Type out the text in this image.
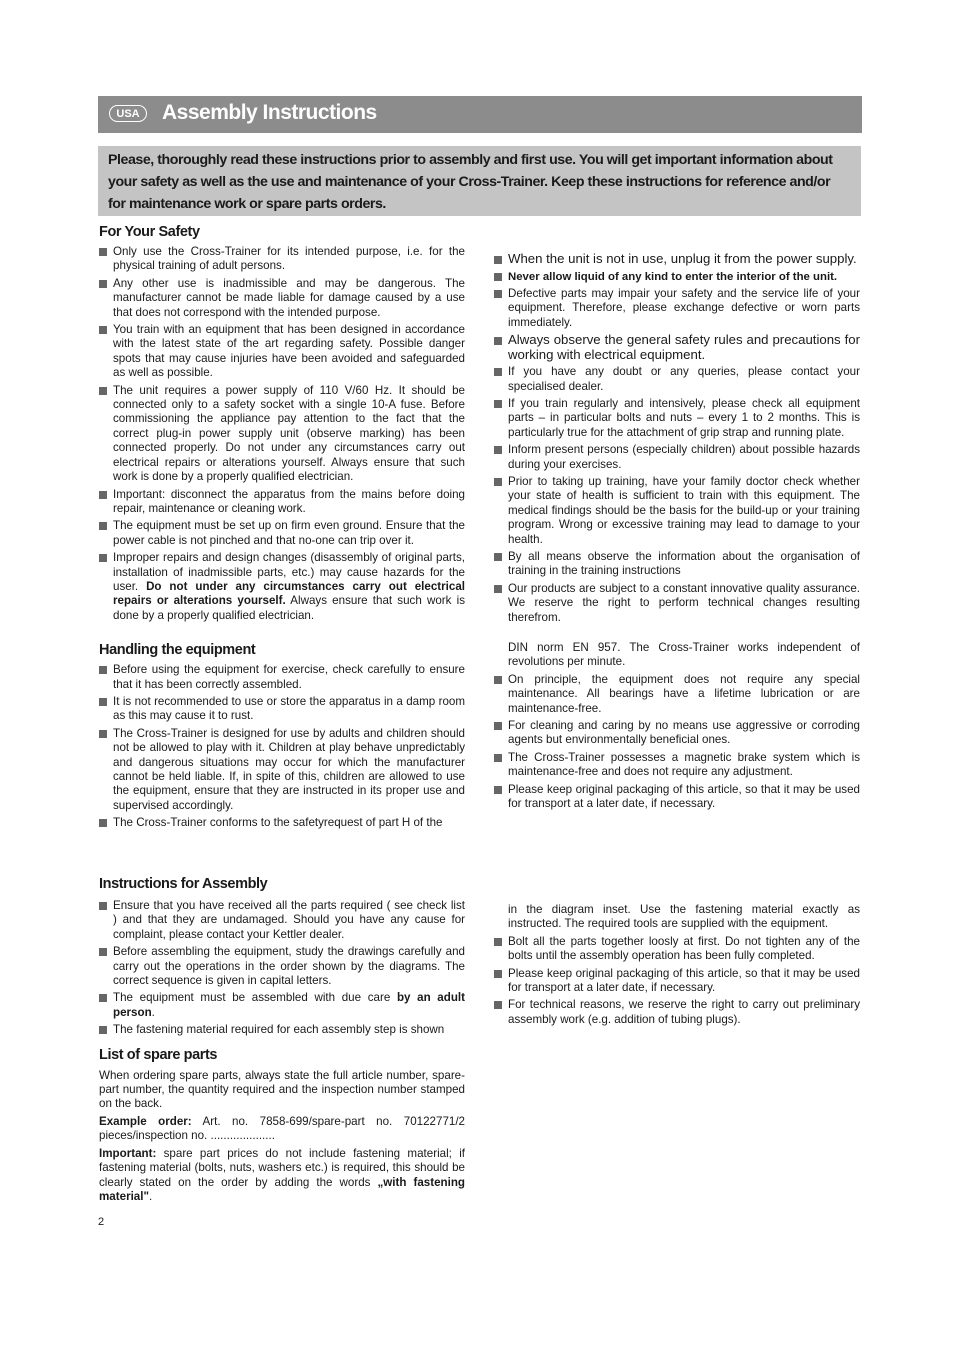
USA	Assembly Instructions
Please, thoroughly read these instructions prior to assembly and first use. You will get important information about your safety as well as the use and maintenance of your Cross-Trainer. Keep these instructions for reference and/or for maintenance work or spare parts orders.
For Your Safety
Only use the Cross-Trainer for its intended purpose, i.e. for the physical training of adult persons.
Any other use is inadmissible and may be dangerous. The manufacturer cannot be made liable for damage caused by a use that does not correspond with the intended purpose.
You train with an equipment that has been designed in accordance with the latest state of the art regarding safety. Possible danger spots that may cause injuries have been avoided and safeguarded as well as possible.
The unit requires a power supply of 110 V/60 Hz. It should be connected only to a safety socket with a single 10-A fuse. Before commissioning the appliance pay attention to the fact that the correct plug-in power supply unit (observe marking) has been connected properly. Do not under any circumstances carry out electrical repairs or alterations yourself. Always ensure that such work is done by a properly qualified electrician.
Important: disconnect the apparatus from the mains before doing repair, maintenance or cleaning work.
The equipment must be set up on firm even ground. Ensure that the power cable is not pinched and that no-one can trip over it.
Improper repairs and design changes (disassembly of original parts, installation of inadmissible parts, etc.) may cause hazards for the user. Do not under any circumstances carry out electrical repairs or alterations yourself. Always ensure that such work is done by a properly qualified electrician.
Handling the equipment
Before using the equipment for exercise, check carefully to ensure that it has been correctly assembled.
It is not recommended to use or store the apparatus in a damp room as this may cause it to rust.
The Cross-Trainer is designed for use by adults and children should not be allowed to play with it. Children at play behave unpredictably and dangerous situations may occur for which the manufacturer cannot be held liable. If, in spite of this, children are allowed to use the equipment, ensure that they are instructed in its proper use and supervised accordingly.
The Cross-Trainer conforms to the safetyrequest of part H of the
When the unit is not in use, unplug it from the power supply.
Never allow liquid of any kind to enter the interior of the unit.
Defective parts may impair your safety and the service life of your equipment. Therefore, please exchange defective or worn parts immediately.
Always observe the general safety rules and precautions for working with electrical equipment.
If you have any doubt or any queries, please contact your specialised dealer.
If you train regularly and intensively, please check all equipment parts – in particular bolts and nuts – every 1 to 2 months. This is particularly true for the attachment of grip strap and running plate.
Inform present persons (especially children) about possible hazards during your exercises.
Prior to taking up training, have your family doctor check whether your state of health is sufficient to train with this equipment. The medical findings should be the basis for the build-up or your training program. Wrong or excessive training may lead to damage to your health.
By all means observe the information about the organisation of training in the training instructions
Our products are subject to a constant innovative quality assurance. We reserve the right to perform technical changes resulting therefrom.

DIN norm EN 957. The Cross-Trainer works independent of revolutions per minute.

On principle, the equipment does not require any special maintenance. All bearings have a lifetime lubrication or are maintenance-free.
For cleaning and caring by no means use aggressive or corroding agents but environmentally beneficial ones.
The Cross-Trainer possesses a magnetic brake system which is maintenance-free and does not require any adjustment.
Please keep original packaging of this article, so that it may be used for transport at a later date, if necessary.
Instructions for Assembly
Ensure that you have received all the parts required ( see check list ) and that they are undamaged. Should you have any cause for complaint, please contact your Kettler dealer.
Before assembling the equipment, study the drawings carefully and carry out the operations in the order shown by the diagrams. The correct sequence is given in capital letters.
The equipment must be assembled with due care by an adult person.
The fastening material required for each assembly step is shown
List of spare parts

When ordering spare parts, always state the full article number, spare-part number, the quantity required and the inspection number stamped on the back.

Example order: Art. no. 7858-699/spare-part no. 70122771/2 pieces/inspection no. ....................

Important: spare part prices do not include fastening material; if fastening material (bolts, nuts, washers etc.) is required, this should be clearly stated on the order by adding the words „with fastening material".

in the diagram inset. Use the fastening material exactly as instructed. The required tools are supplied with the equipment.

Bolt all the parts together loosly at first. Do not tighten any of the bolts until the assembly operation has been fully completed.
Please keep original packaging of this article, so that it may be used for transport at a later date, if necessary.
For technical reasons, we reserve the right to carry out preliminary assembly work (e.g. addition of tubing plugs).
2
